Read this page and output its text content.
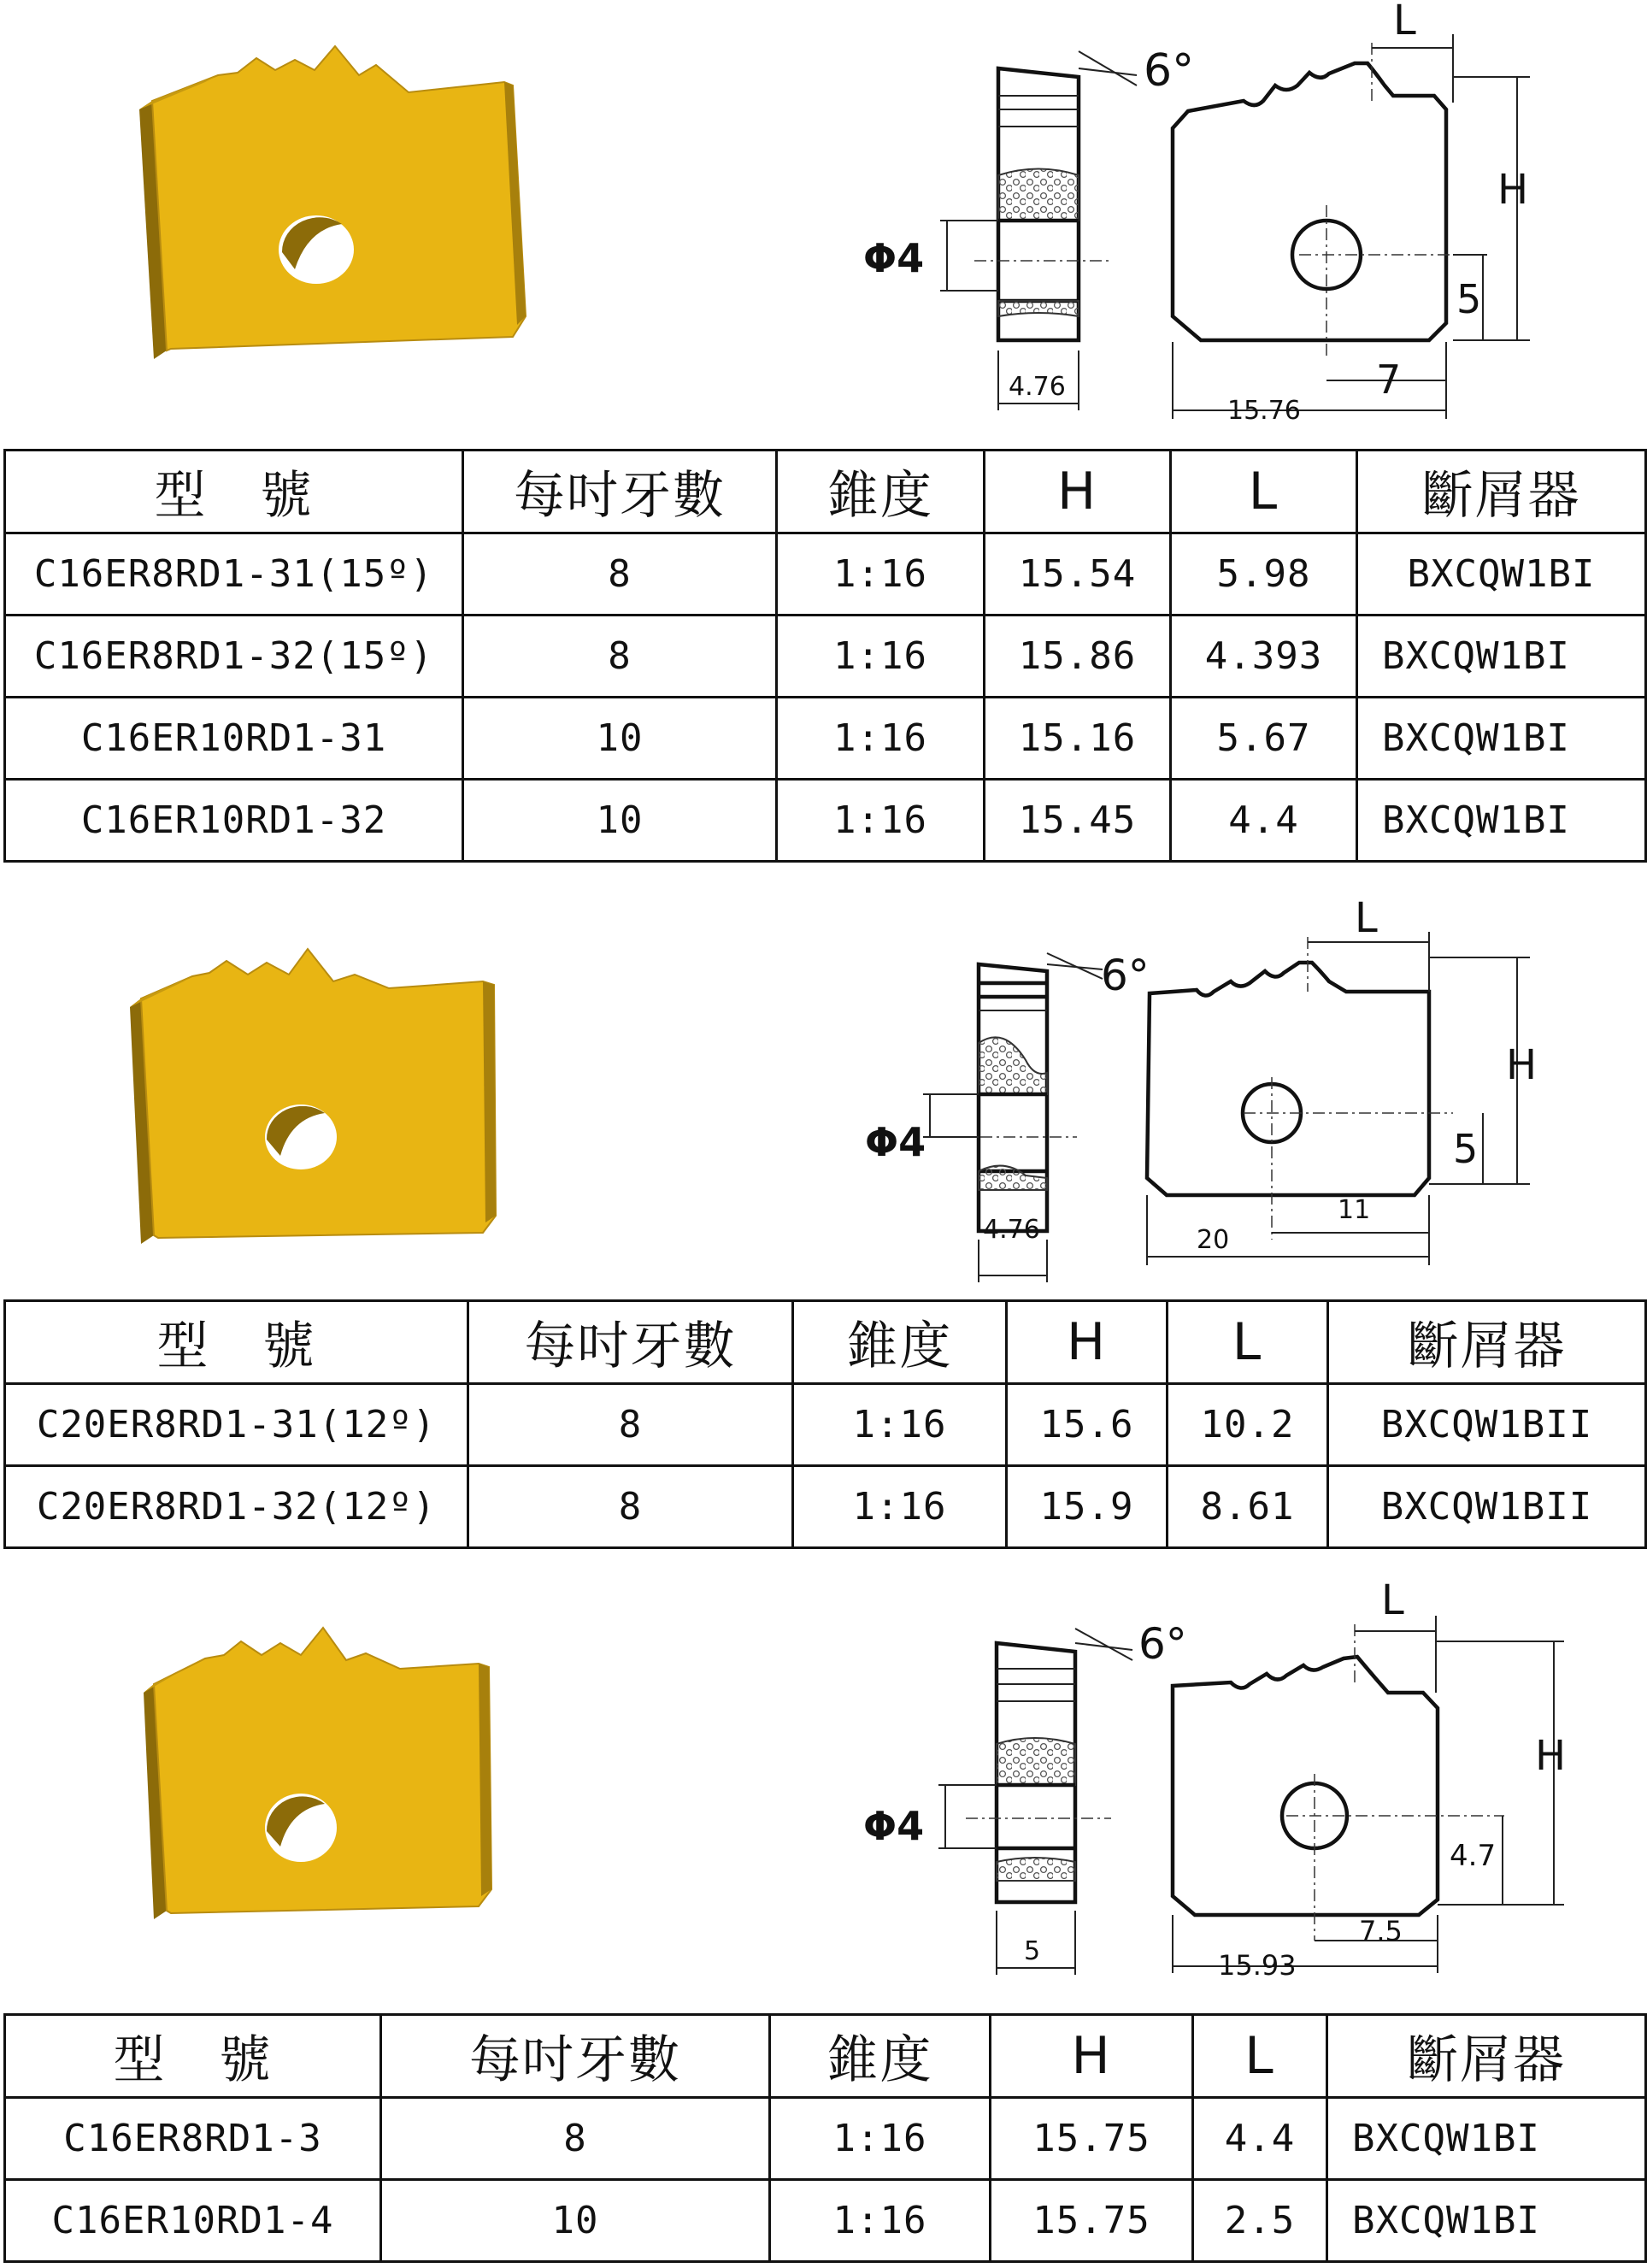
6°
Φ4
4.76
L
H
5
7
15.76
型　號	每吋牙數	錐度	H	L	斷屑器
C16ER8RD1-31(15º)	8	1:16	15.54	5.98	BXCQW1BI
C16ER8RD1-32(15º)	8	1:16	15.86	4.393	BXCQW1BI
C16ER10RD1-31	10	1:16	15.16	5.67	BXCQW1BI
C16ER10RD1-32	10	1:16	15.45	4.4	BXCQW1BI
6°
Φ4
4.76
L
H
5
11
20
型　號	每吋牙數	錐度	H	L	斷屑器
C20ER8RD1-31(12º)	8	1:16	15.6	10.2	BXCQW1BII
C20ER8RD1-32(12º)	8	1:16	15.9	8.61	BXCQW1BII
6°
Φ4
5
L
H
4.7
7.5
15.93
型　號	每吋牙數	錐度	H	L	斷屑器
C16ER8RD1-3	8	1:16	15.75	4.4	BXCQW1BI
C16ER10RD1-4	10	1:16	15.75	2.5	BXCQW1BI
